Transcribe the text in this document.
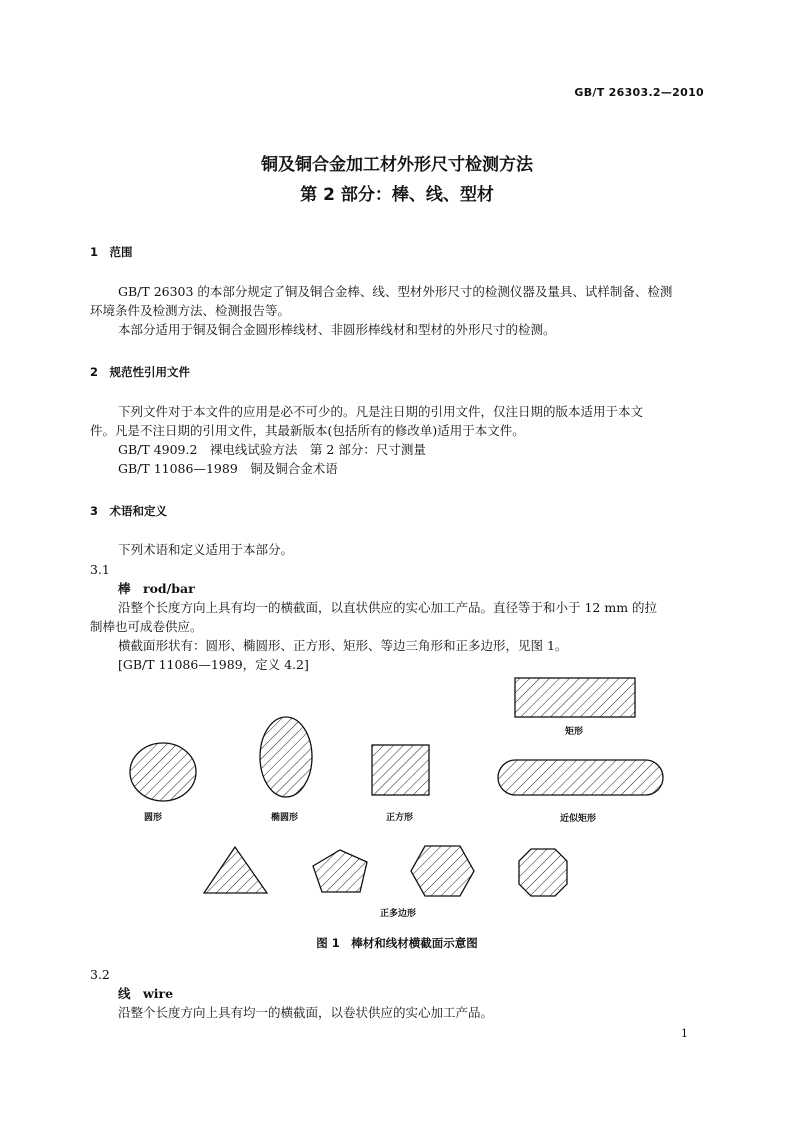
GB/T 26303.2—2010
铜及铜合金加工材外形尺寸检测方法
第 2 部分：棒、线、型材
1　范围
GB/T 26303 的本部分规定了铜及铜合金棒、线、型材外形尺寸的检测仪器及量具、试样制备、检测
环境条件及检测方法、检测报告等。
本部分适用于铜及铜合金圆形棒线材、非圆形棒线材和型材的外形尺寸的检测。
2　规范性引用文件
下列文件对于本文件的应用是必不可少的。凡是注日期的引用文件，仅注日期的版本适用于本文
件。凡是不注日期的引用文件，其最新版本(包括所有的修改单)适用于本文件。
GB/T 4909.2　裸电线试验方法　第 2 部分：尺寸测量
GB/T 11086—1989　铜及铜合金术语
3　术语和定义
下列术语和定义适用于本部分。
3.1
棒　rod/bar
沿整个长度方向上具有均一的横截面，以直状供应的实心加工产品。直径等于和小于 12 mm 的拉
制棒也可成卷供应。
横截面形状有：圆形、椭圆形、正方形、矩形、等边三角形和正多边形，见图 1。
[GB/T 11086—1989，定义 4.2]
矩形
圆形	椭圆形	正方形	近似矩形
正多边形
图 1　棒材和线材横截面示意图
3.2
线　wire
沿整个长度方向上具有均一的横截面，以卷状供应的实心加工产品。
1
